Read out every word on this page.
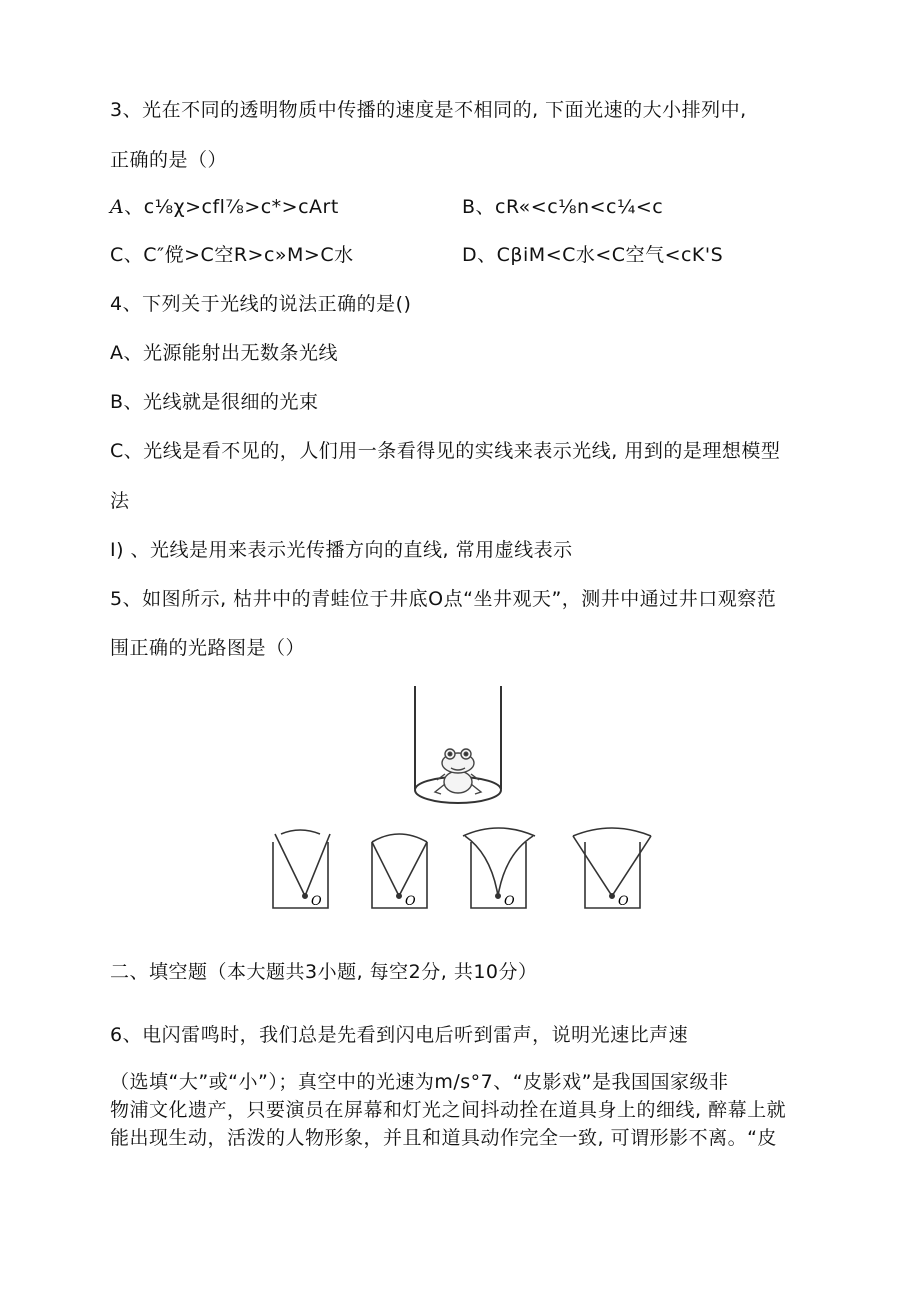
3、光在不同的透明物质中传播的速度是不相同的, 下面光速的大小排列中,
正确的是（）
A、c⅛χ>cfl⅞>c*>cArt	B、cR«<c⅛n<c¼<c
C、C″傥>C空R>c»M>C水	D、CβiM<C水<C空气<cK'S
4、下列关于光线的说法正确的是()
A、光源能射出无数条光线
B、光线就是很细的光束
C、光线是看不见的，人们用一条看得见的实线来表示光线, 用到的是理想模型
法
I) 、光线是用来表示光传播方向的直线, 常用虚线表示
5、如图所示, 枯井中的青蛙位于井底O点“坐井观天”，测井中通过井口观察范
围正确的光路图是（）
O	O	O	O
二、填空题（本大题共3小题, 每空2分, 共10分）
6、电闪雷鸣时，我们总是先看到闪电后听到雷声，说明光速比声速
（选填“大”或“小”）；真空中的光速为m∕s°7、“皮影戏”是我国国家级非
物浦文化遗产，只要演员在屏幕和灯光之间抖动拴在道具身上的细线, 醉幕上就
能出现生动，活泼的人物形象，并且和道具动作完全一致, 可谓形影不离。“皮
